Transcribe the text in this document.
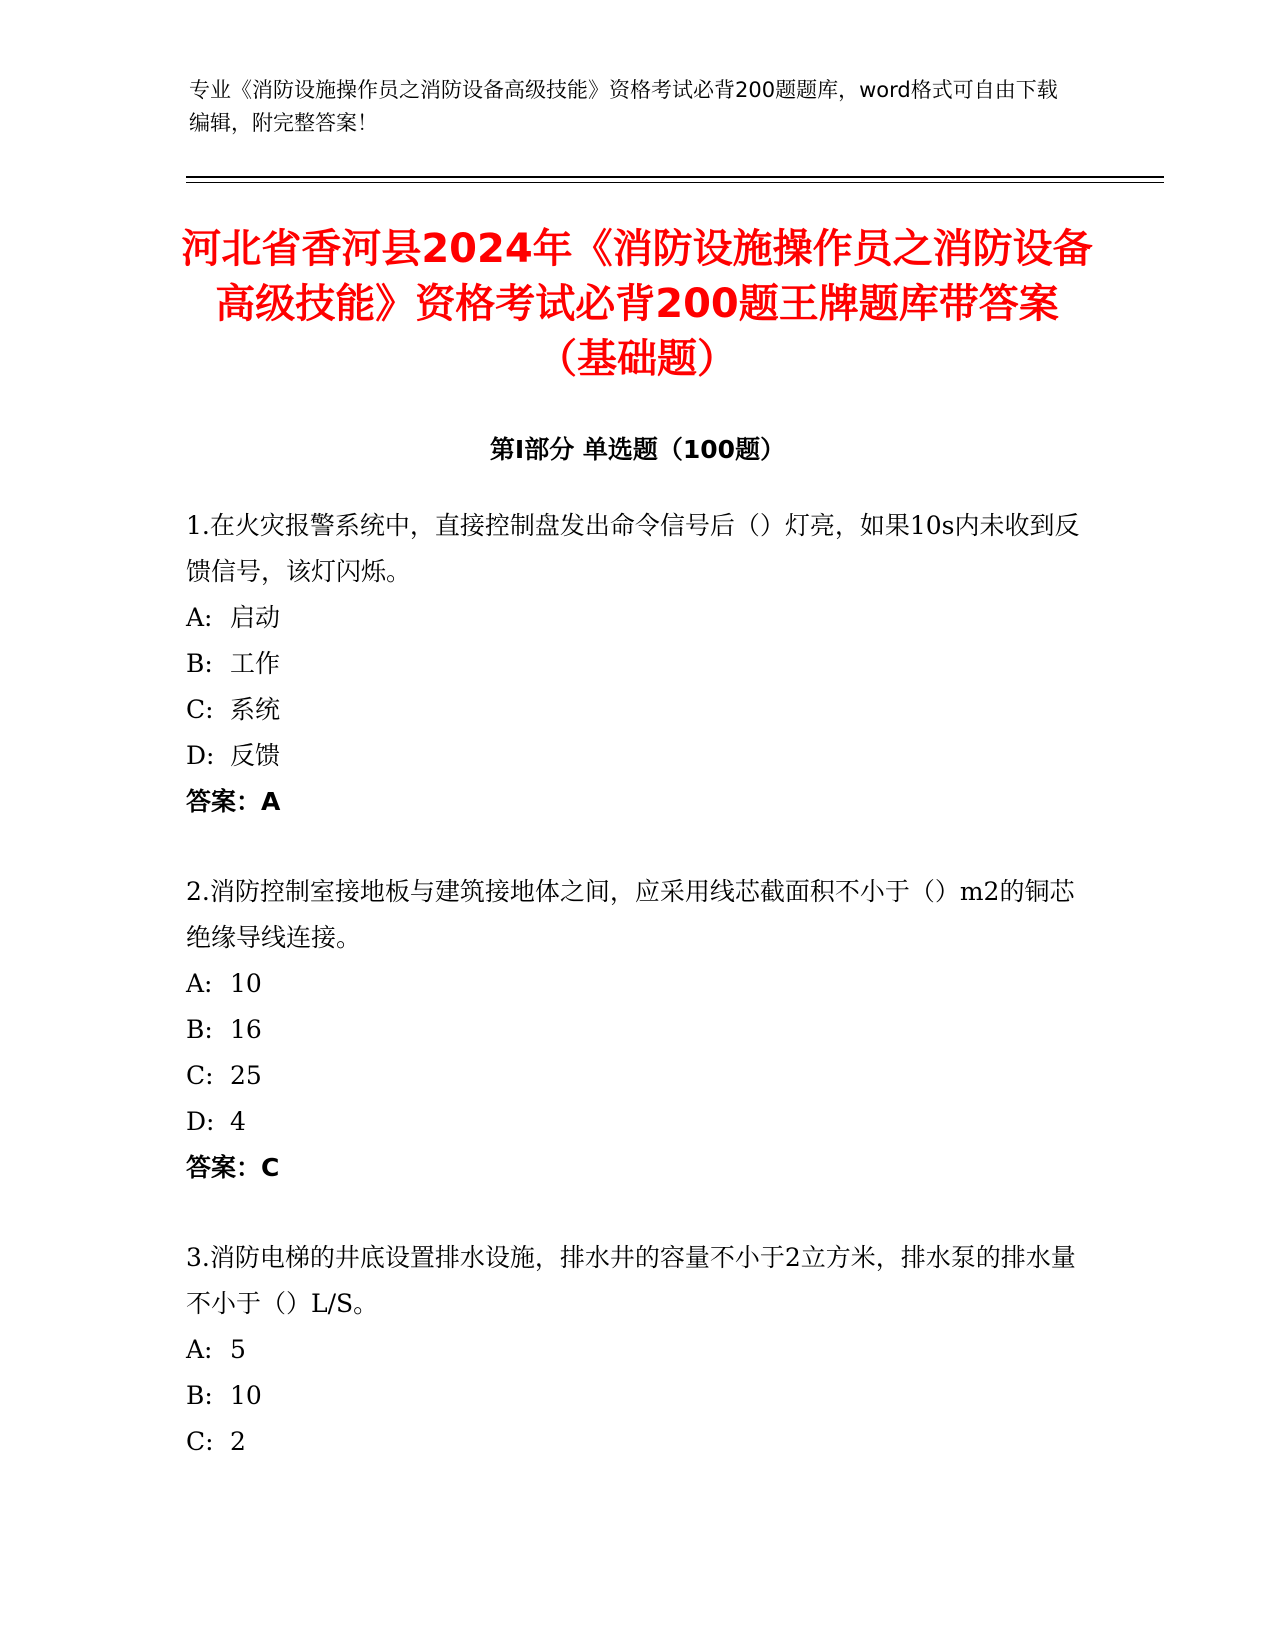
专业《消防设施操作员之消防设备高级技能》资格考试必背200题题库，word格式可自由下载编辑，附完整答案！
河北省香河县2024年《消防设施操作员之消防设备高级技能》资格考试必背200题王牌题库带答案（基础题）
第I部分 单选题（100题）

1.在火灾报警系统中，直接控制盘发出命令信号后（）灯亮，如果10s内未收到反馈信号，该灯闪烁。

A: 启动

B: 工作

C: 系统

D: 反馈

答案：A

2.消防控制室接地板与建筑接地体之间，应采用线芯截面积不小于（）m2的铜芯绝缘导线连接。

A: 10

B: 16

C: 25

D: 4

答案：C

3.消防电梯的井底设置排水设施，排水井的容量不小于2立方米，排水泵的排水量不小于（）L/S。

A: 5

B: 10

C: 2
